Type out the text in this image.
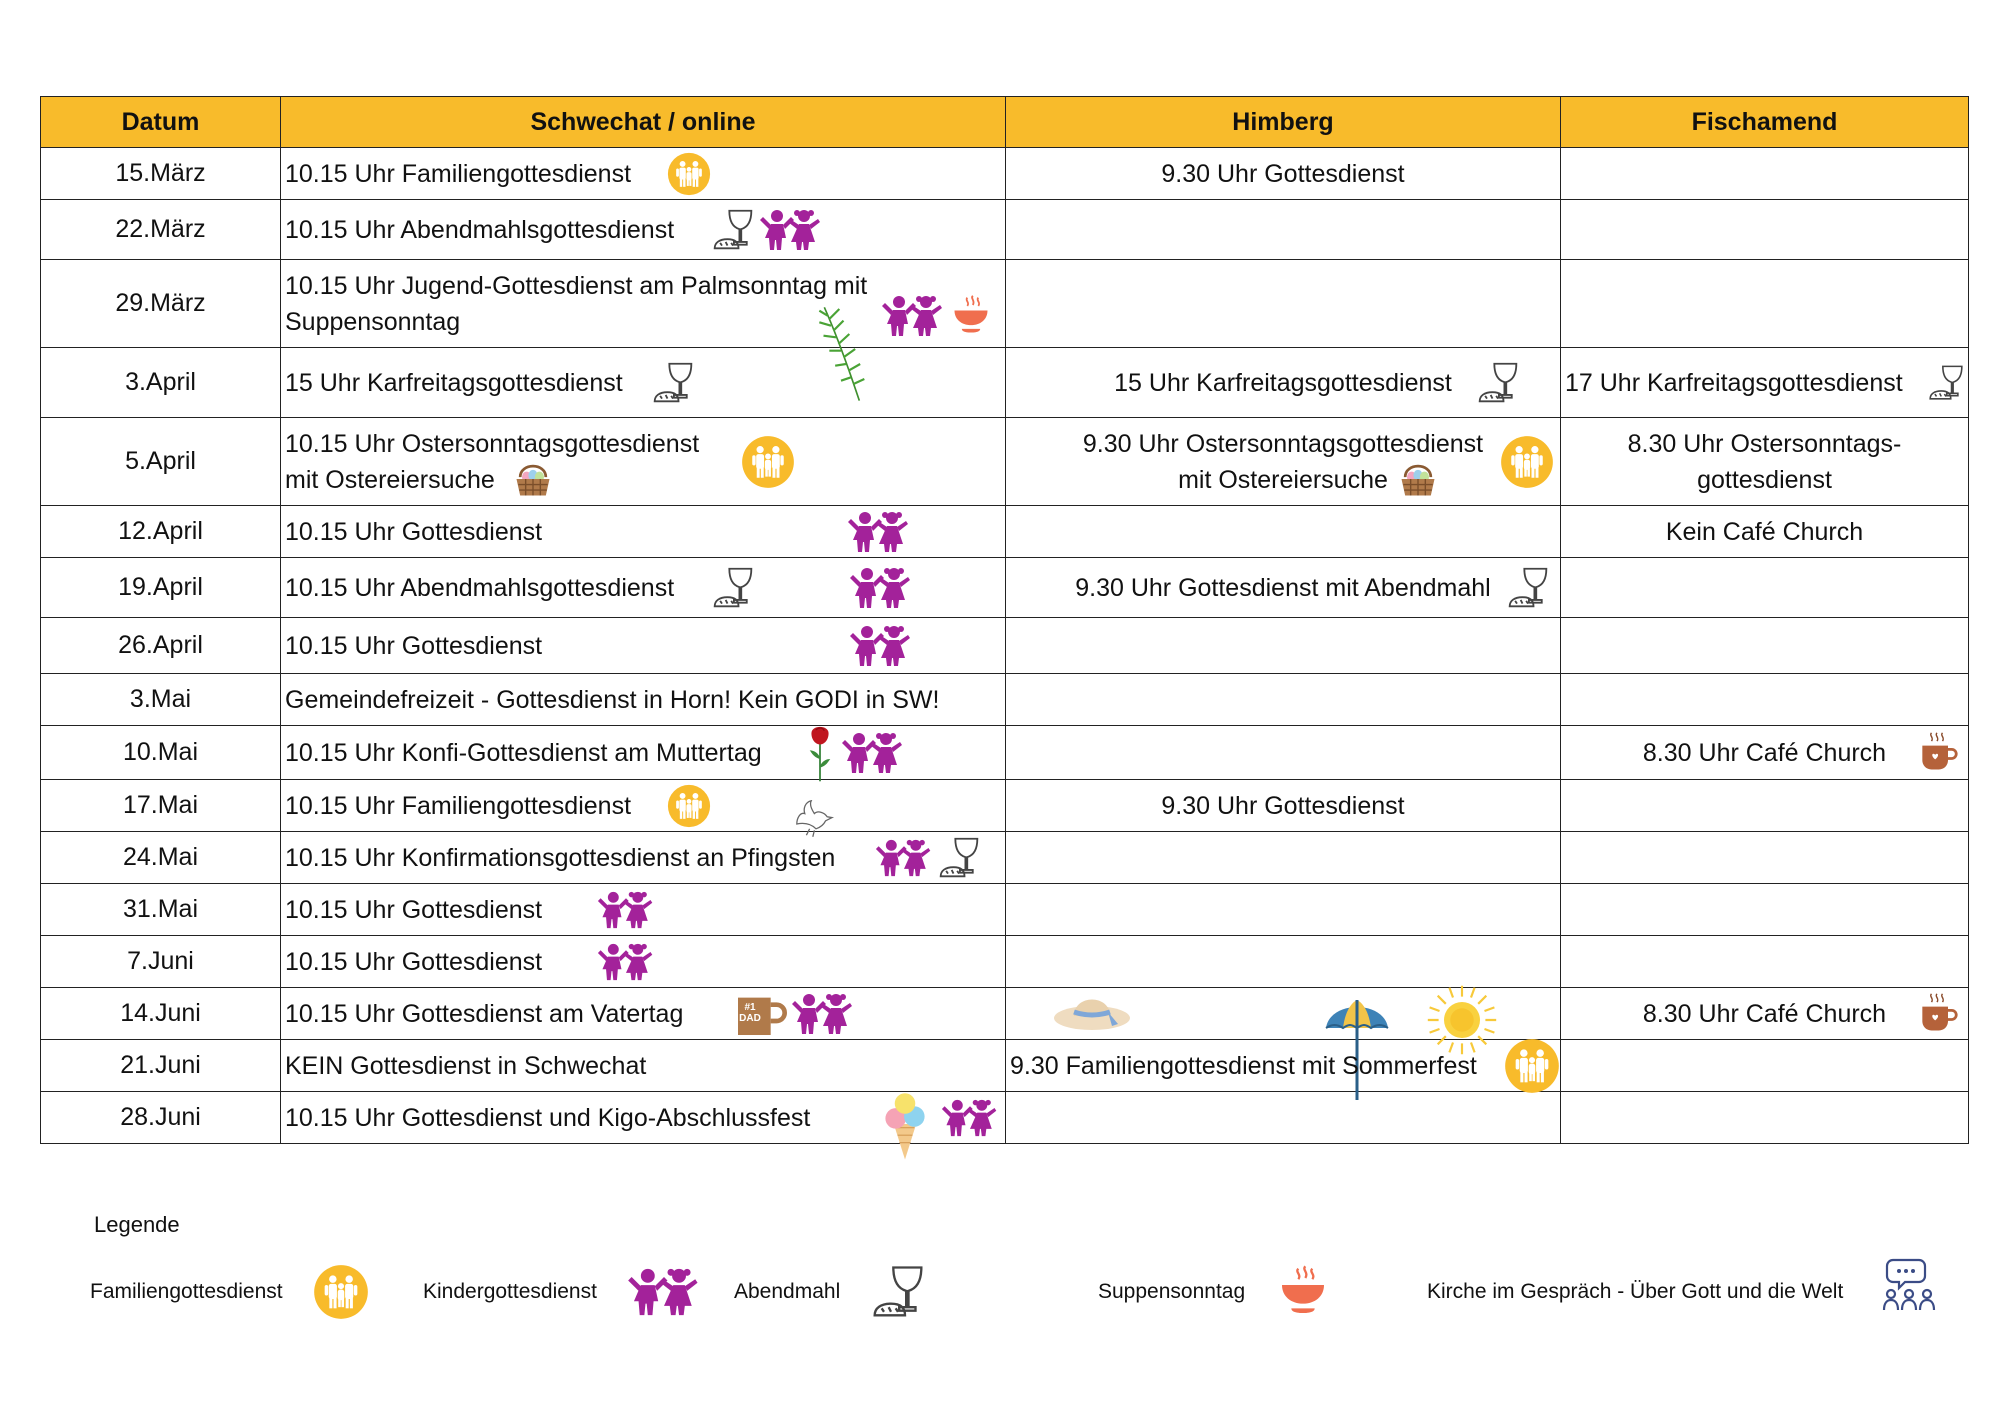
Datum	Schwechat / online	Himberg	Fischamend
15.März	10.15 Uhr Familiengottesdienst	9.30 Uhr Gottesdienst	
22.März	10.15 Uhr Abendmahlsgottesdienst

29.März	10.15 Uhr Jugend-Gottesdienst am Palmsonntag mit Suppensonntag		

3.April	15 Uhr Karfreitagsgottesdienst	15 Uhr Karfreitagsgottesdienst	17 Uhr Karfreitagsgottesdienst

5.April	10.15 Uhr Ostersonntagsgottesdienst mit Ostereiersuche	9.30 Uhr Ostersonntagsgottesdienst mit Ostereiersuche	8.30 Uhr Ostersonntags-gottesdienst

12.April	10.15 Uhr Gottesdienst		Kein Café Church
19.April	10.15 Uhr Abendmahlsgottesdienst	9.30 Uhr Gottesdienst mit Abendmahl

26.April	10.15 Uhr Gottesdienst

3.Mai	Gemeindefreizeit - Gottesdienst in Horn! Kein GODI in SW!		
10.Mai	10.15 Uhr Konfi-Gottesdienst am Muttertag		8.30 Uhr Café Church

17.Mai	10.15 Uhr Familiengottesdienst	9.30 Uhr Gottesdienst	
24.Mai	10.15 Uhr Konfirmationsgottesdienst an Pfingsten

31.Mai	10.15 Uhr Gottesdienst

7.Juni	10.15 Uhr Gottesdienst

14.Juni	10.15 Uhr Gottesdienst am Vatertag #1 DAD		8.30 Uhr Café Church

21.Juni	KEIN Gottesdienst in Schwechat	9.30 Familiengottesdienst mit Sommerfest

28.Juni	10.15 Uhr Gottesdienst und Kigo-Abschlussfest

Legende
Familiengottesdienst	Kindergottesdienst	Abendmahl	Suppensonntag	Kirche im Gespräch - Über Gott und die Welt
